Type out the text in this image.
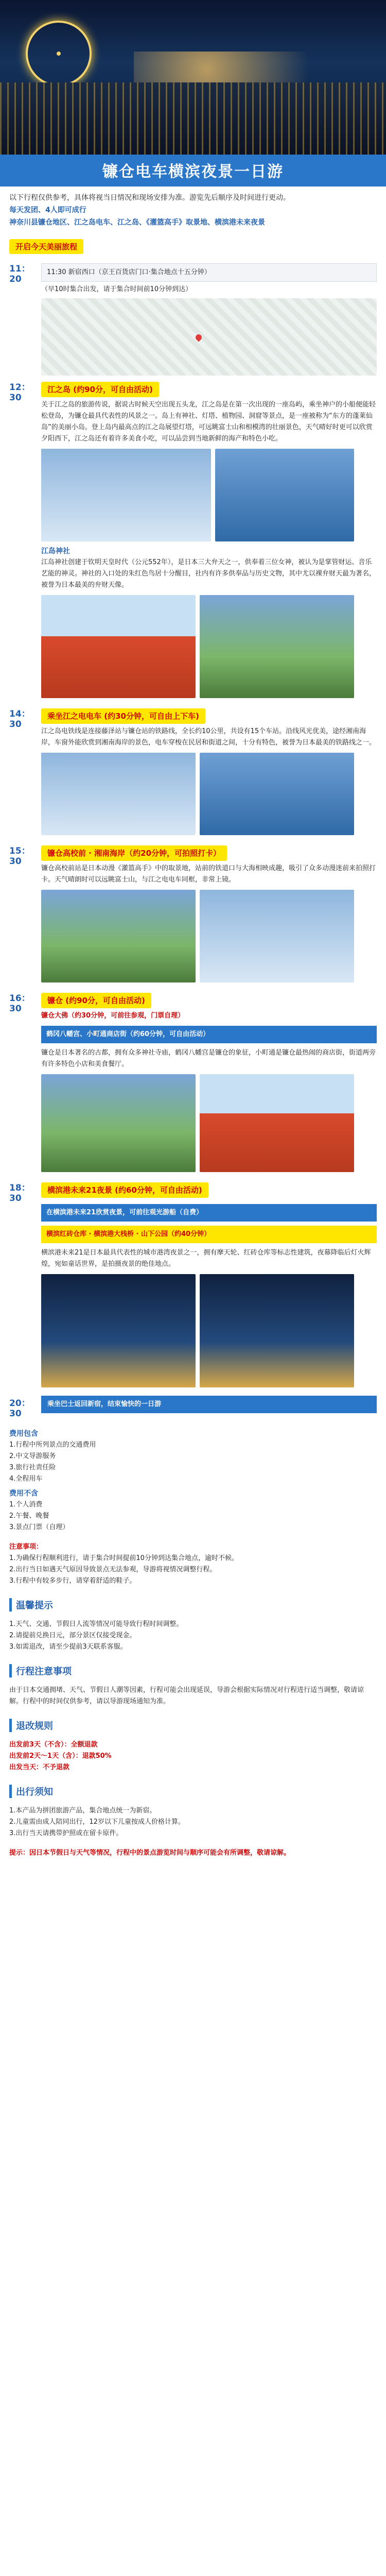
镰仓电车横滨夜景一日游
以下行程仅供参考，具体将视当日情况和现场安排为准。游览先后顺序及时间进行更动。
每天发团、4人即可成行
神奈川县镰仓地区、江之岛电车、江之岛、《灌篮高手》取景地、横滨港未来夜景
开启今天美丽旅程
11：20
11:30 新宿西口（京王百货店门口·集合地点十五分钟）
（早10时集合出发，请于集合时间前10分钟到达）
12：30
江之岛 (约90分，可自由活动)
关于江之岛的旅游传说，据说古时候天空出现五头龙，江之岛是在第一次出现的一座岛屿，乘坐神户的小船便能轻松登岛，为镰仓最具代表性的风景之一。岛上有神社、灯塔、植物园、洞窟等景点，是一座被称为“东方的蓬莱仙岛”的美丽小岛。登上岛内最高点的江之岛展望灯塔，可远眺富士山和相模湾的壮丽景色，天气晴好时更可以欣赏夕阳西下，江之岛还有着许多美食小吃，可以品尝到当地新鲜的海产和特色小吃。
江岛神社
江岛神社创建于钦明天皇时代（公元552年），是日本三大弁天之一，供奉着三位女神，被认为是掌管财运、音乐艺能的神灵。神社的入口处的朱红色鸟居十分醒目，社内有许多供奉品与历史文物，其中尤以裸弁财天最为著名，被誉为日本最美的弁财天像。
14：30
乘坐江之电电车 (约30分钟，可自由上下车)
江之岛电铁线是连接藤泽站与镰仓站的铁路线，全长约10公里，共设有15个车站。沿线风光优美，途经湘南海岸，车窗外能欣赏到湘南海岸的景色，电车穿梭在民居和街道之间，十分有特色，被誉为日本最美的铁路线之一。
15：30
镰仓高校前 · 湘南海岸（约20分钟，可拍照打卡）
镰仓高校前站是日本动漫《灌篮高手》中的取景地，站前的铁道口与大海相映成趣，吸引了众多动漫迷前来拍照打卡。天气晴朗时可以远眺富士山，与江之电电车同框，非常上镜。
16：30
镰仓 (约90分，可自由活动)
镰仓大佛（约30分钟，可前往参观，门票自理）
鹤冈八幡宫、小町通商店街（约60分钟，可自由活动）
镰仓是日本著名的古都，拥有众多神社寺庙，鹤冈八幡宫是镰仓的象征，小町通是镰仓最热闹的商店街，街道两旁有许多特色小店和美食餐厅。
18：30
横滨港未来21夜景 (约60分钟，可自由活动)
在横滨港未来21欣赏夜景，可前往观光游船（自费）
横滨红砖仓库 · 横滨港大栈桥 · 山下公园（约40分钟）
横滨港未来21是日本最具代表性的城市港湾夜景之一，拥有摩天轮、红砖仓库等标志性建筑，夜幕降临后灯火辉煌，宛如童话世界，是拍摄夜景的绝佳地点。
20：30
乘坐巴士返回新宿，结束愉快的一日游
费用包含
1.行程中所列景点的交通费用
2.中文导游服务
3.旅行社责任险
4.全程用车
费用不含
1.个人消费
2.午餐、晚餐
3.景点门票（自理）
注意事项：
1.为确保行程顺利进行，请于集合时间提前10分钟到达集合地点，逾时不候。
2.出行当日如遇天气原因导致景点无法参观，导游将视情况调整行程。
3.行程中有较多步行，请穿着舒适的鞋子。
温馨提示
1.天气、交通、节假日人流等情况可能导致行程时间调整。
2.请提前兑换日元，部分景区仅接受现金。
3.如需退改，请至少提前3天联系客服。
行程注意事项
由于日本交通拥堵、天气、节假日人潮等因素，行程可能会出现延误，导游会根据实际情况对行程进行适当调整，敬请谅解。行程中的时间仅供参考，请以导游现场通知为准。
退改规则
出发前3天（不含）：全额退款
出发前2天～1天（含）：退款50%
出发当天：不予退款
出行须知
1.本产品为拼团旅游产品，集合地点统一为新宿。
2.儿童需由成人陪同出行，12岁以下儿童按成人价格计算。
3.出行当天请携带护照或在留卡原件。
提示：因日本节假日与天气等情况，行程中的景点游览时间与顺序可能会有所调整，敬请谅解。
